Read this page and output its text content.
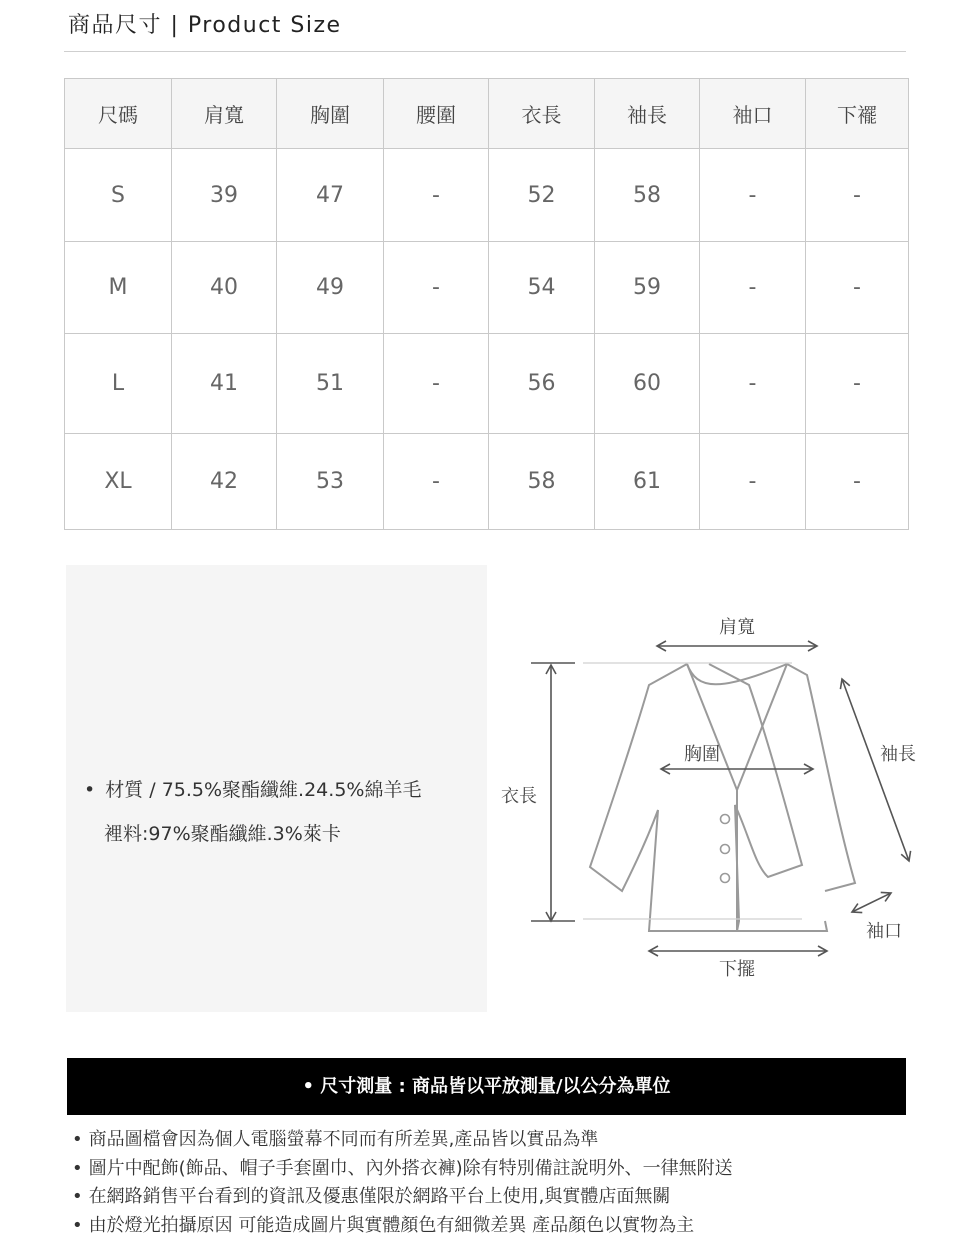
商品尺寸 | Product Size
尺碼	肩寬	胸圍	腰圍	衣長	袖長	袖口	下襬
S	39	47	-	52	58	-	-
M	40	49	-	54	59	-	-
L	41	51	-	56	60	-	-
XL	42	53	-	58	61	-	-
• 材質 / 75.5%聚酯纖維.24.5%綿羊毛
裡料:97%聚酯纖維.3%萊卡
肩寬
胸圍
衣長
袖長
袖口
下擺
• 尺寸測量 : 商品皆以平放測量/以公分為單位
• 商品圖檔會因為個人電腦螢幕不同而有所差異,產品皆以實品為準
• 圖片中配飾(飾品、帽子手套圍巾、內外搭衣褲)除有特別備註說明外、一律無附送
• 在網路銷售平台看到的資訊及優惠僅限於網路平台上使用,與實體店面無關
• 由於燈光拍攝原因 可能造成圖片與實體顏色有細微差異 產品顏色以實物為主
